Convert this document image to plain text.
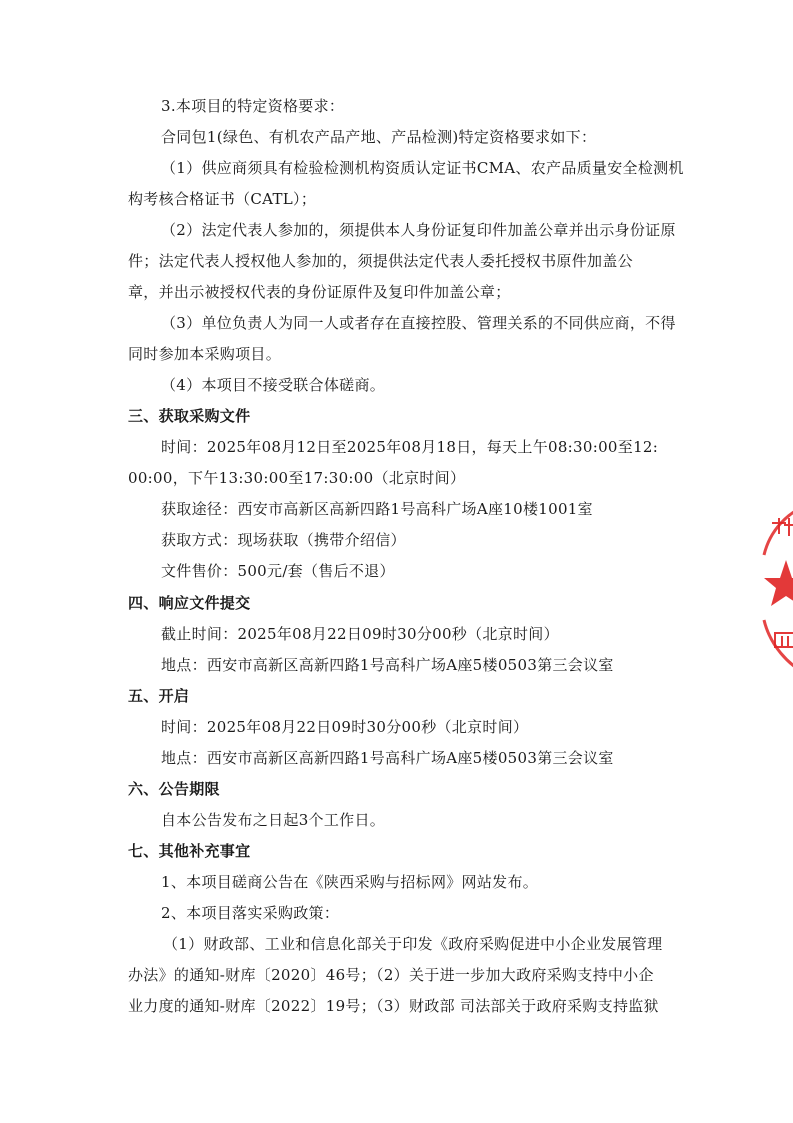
3.本项目的特定资格要求：
合同包1(绿色、有机农产品产地、产品检测)特定资格要求如下：
（1）供应商须具有检验检测机构资质认定证书CMA、农产品质量安全检测机
构考核合格证书（CATL）；
（2）法定代表人参加的，须提供本人身份证复印件加盖公章并出示身份证原
件；法定代表人授权他人参加的，须提供法定代表人委托授权书原件加盖公
章，并出示被授权代表的身份证原件及复印件加盖公章；
（3）单位负责人为同一人或者存在直接控股、管理关系的不同供应商，不得
同时参加本采购项目。
（4）本项目不接受联合体磋商。
三、获取采购文件
时间：2025年08月12日至2025年08月18日，每天上午08:30:00至12:
00:00，下午13:30:00至17:30:00（北京时间）
获取途径：西安市高新区高新四路1号高科广场A座10楼1001室
获取方式：现场获取（携带介绍信）
文件售价：500元/套（售后不退）
四、响应文件提交
截止时间：2025年08月22日09时30分00秒（北京时间）
地点：西安市高新区高新四路1号高科广场A座5楼0503第三会议室
五、开启
时间：2025年08月22日09时30分00秒（北京时间）
地点：西安市高新区高新四路1号高科广场A座5楼0503第三会议室
六、公告期限
自本公告发布之日起3个工作日。
七、其他补充事宜
1、本项目磋商公告在《陕西采购与招标网》网站发布。
2、本项目落实采购政策：
（1）财政部、工业和信息化部关于印发《政府采购促进中小企业发展管理
办法》的通知-财库〔2020〕46号；（2）关于进一步加大政府采购支持中小企
业力度的通知-财库〔2022〕19号；（3）财政部 司法部关于政府采购支持监狱
